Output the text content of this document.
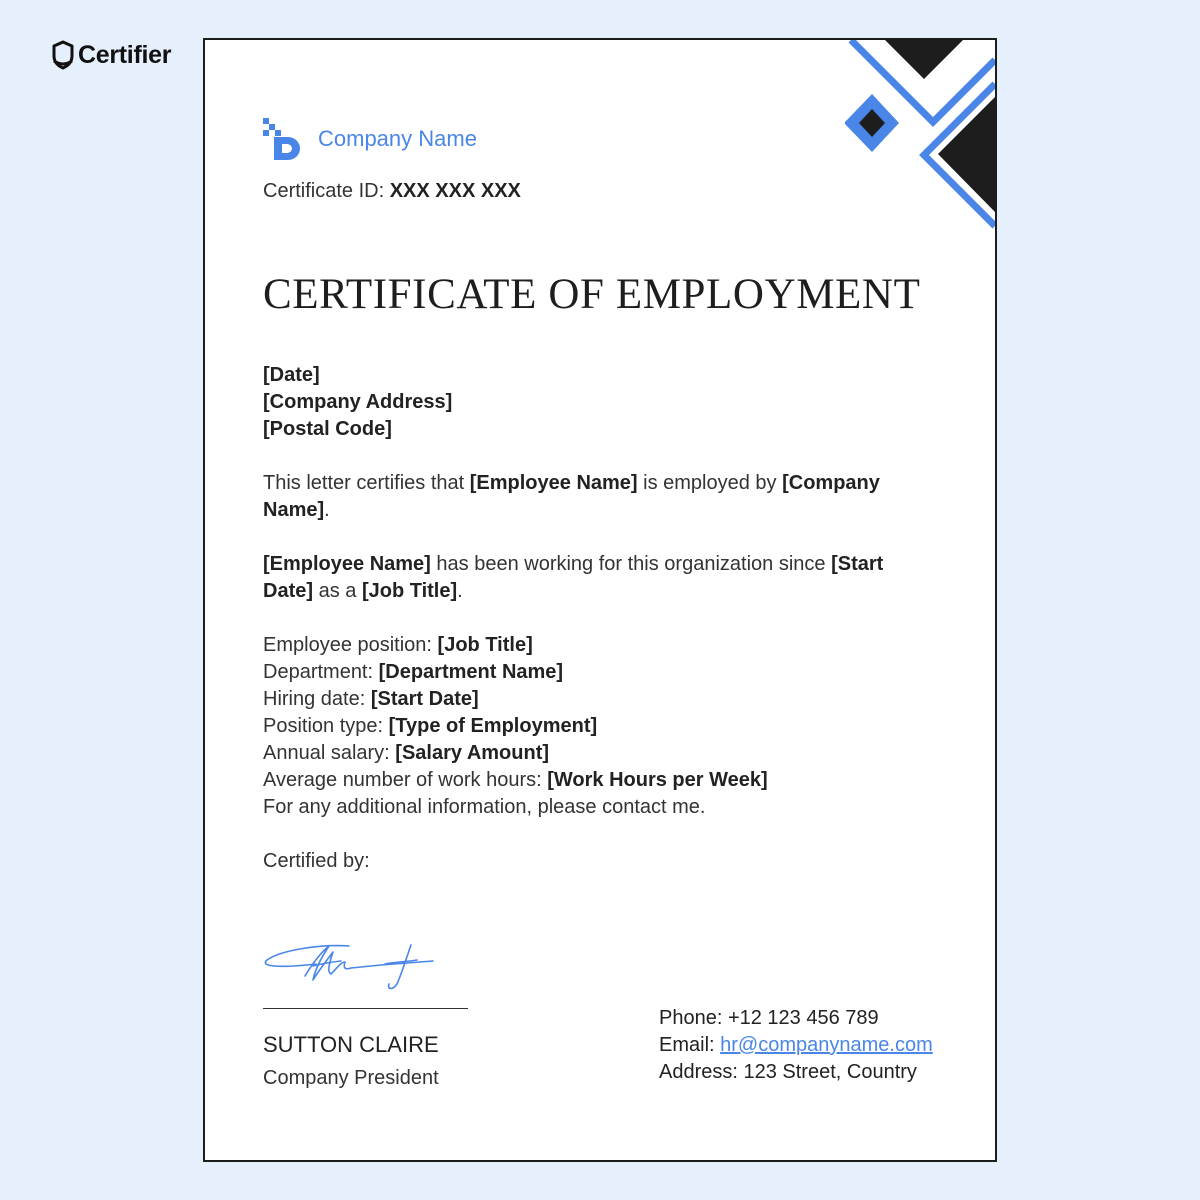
Certifier
Company Name
Certificate ID: XXX XXX XXX
CERTIFICATE OF EMPLOYMENT

[Date]

[Company Address]

[Postal Code]

This letter certifies that [Employee Name] is employed by [Company Name].

[Employee Name] has been working for this organization since [Start Date] as a [Job Title].

Employee position: [Job Title]

Department: [Department Name]

Hiring date: [Start Date]

Position type: [Type of Employment]

Annual salary: [Salary Amount]

Average number of work hours: [Work Hours per Week]

For any additional information, please contact me.

Certified by:

SUTTON CLAIRE
Company President
Phone: +12 123 456 789
Email: hr@companyname.com
Address: 123 Street, Country
